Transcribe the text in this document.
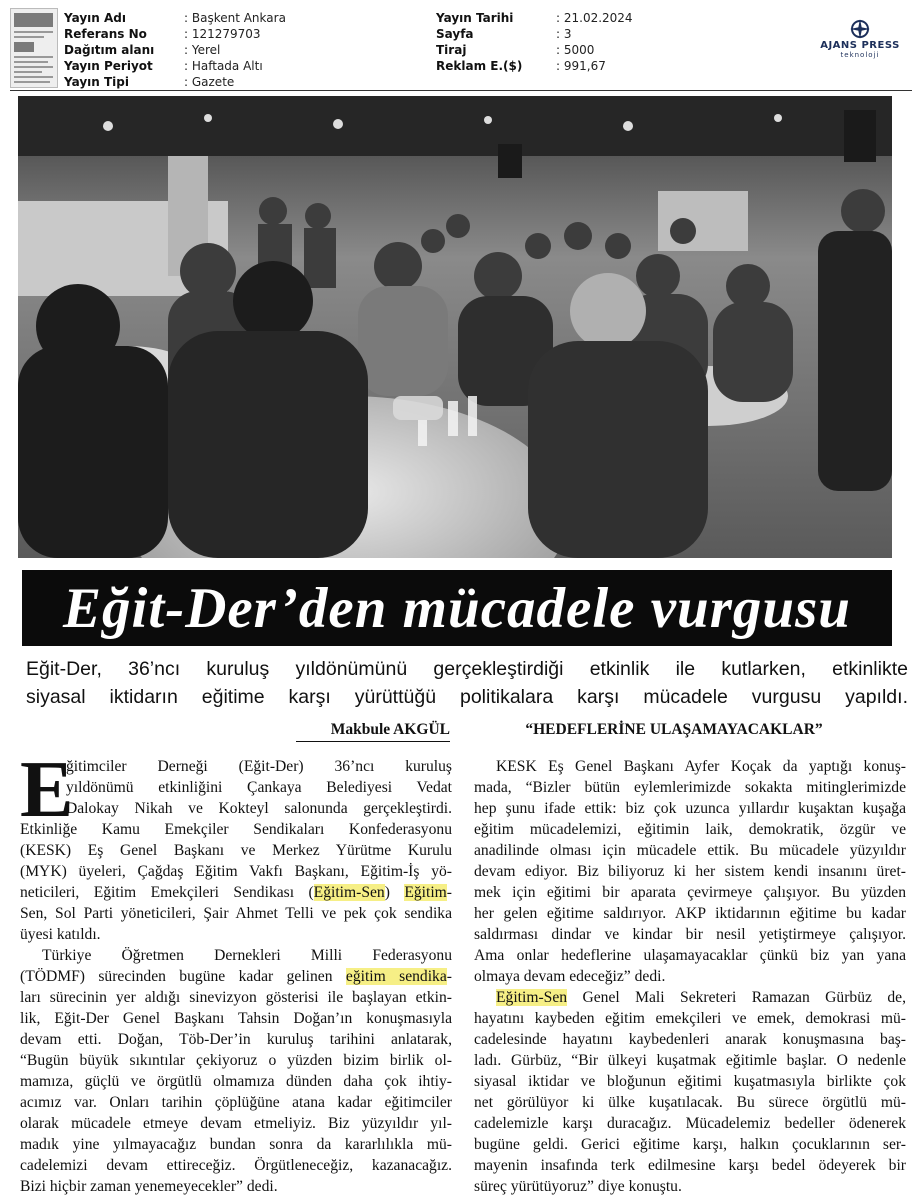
Yayın Adı	: Başkent Ankara
Referans No	: 121279703
Dağıtım alanı	: Yerel
Yayın Periyot	: Haftada Altı
Yayın Tipi	: Gazete
Yayın Tarihi	: 21.02.2024
Sayfa	: 3
Tiraj	: 5000
Reklam E.($)	: 991,67
AJANS PRESS
teknoloji
Eğit-Der’den mücadele vurgusu
Eğit-Der, 36’ncı kuruluş yıldönümünü gerçekleştirdiği etkinlik ile kutlarken, etkinlikte
siyasal iktidarın eğitime karşı yürüttüğü politikalara karşı mücadele vurgusu yapıldı.
Makbule AKGÜL	“HEDEFLERİNE ULAŞAMAYACAKLAR”
E
ğitimciler Derneği (Eğit-Der) 36’ncı kuruluş
yıldönümü etkinliğini Çankaya Belediyesi Vedat
Dalokay Nikah ve Kokteyl salonunda gerçekleştirdi.
Etkinliğe Kamu Emekçiler Sendikaları Konfederasyonu
(KESK) Eş Genel Başkanı ve Merkez Yürütme Kurulu
(MYK) üyeleri, Çağdaş Eğitim Vakfı Başkanı, Eğitim-İş yö-
neticileri, Eğitim Emekçileri Sendikası (Eğitim-Sen) Eğitim-
Sen, Sol Parti yöneticileri, Şair Ahmet Telli ve pek çok sendika
üyesi katıldı.
Türkiye Öğretmen Dernekleri Milli Federasyonu
(TÖDMF) sürecinden bugüne kadar gelinen eğitim sendika-
ları sürecinin yer aldığı sinevizyon gösterisi ile başlayan etkin-
lik, Eğit-Der Genel Başkanı Tahsin Doğan’ın konuşmasıyla
devam etti. Doğan, Töb-Der’in kuruluş tarihini anlatarak,
“Bugün büyük sıkıntılar çekiyoruz o yüzden bizim birlik ol-
mamıza, güçlü ve örgütlü olmamıza dünden daha çok ihtiy-
acımız var. Onları tarihin çöplüğüne atana kadar eğitimciler
olarak mücadele etmeye devam etmeliyiz. Biz yüzyıldır yıl-
madık yine yılmayacağız bundan sonra da kararlılıkla mü-
cadelemizi devam ettireceğiz. Örgütleneceğiz, kazanacağız.
Bizi hiçbir zaman yenemeyecekler” dedi.
KESK Eş Genel Başkanı Ayfer Koçak da yaptığı konuş-
mada, “Bizler bütün eylemlerimizde sokakta mitinglerimizde
hep şunu ifade ettik: biz çok uzunca yıllardır kuşaktan kuşağa
eğitim mücadelemizi, eğitimin laik, demokratik, özgür ve
anadilinde olması için mücadele ettik. Bu mücadele yüzyıldır
devam ediyor. Biz biliyoruz ki her sistem kendi insanını üret-
mek için eğitimi bir aparata çevirmeye çalışıyor. Bu yüzden
her gelen eğitime saldırıyor. AKP iktidarının eğitime bu kadar
saldırması dindar ve kindar bir nesil yetiştirmeye çalışıyor.
Ama onlar hedeflerine ulaşamayacaklar çünkü biz yan yana
olmaya devam edeceğiz” dedi.
Eğitim-Sen Genel Mali Sekreteri Ramazan Gürbüz de,
hayatını kaybeden eğitim emekçileri ve emek, demokrasi mü-
cadelesinde hayatını kaybedenleri anarak konuşmasına baş-
ladı. Gürbüz, “Bir ülkeyi kuşatmak eğitimle başlar. O nedenle
siyasal iktidar ve bloğunun eğitimi kuşatmasıyla birlikte çok
net görülüyor ki ülke kuşatılacak. Bu sürece örgütlü mü-
cadelemizle karşı duracağız. Mücadelemiz bedeller ödenerek
bugüne geldi. Gerici eğitime karşı, halkın çocuklarının ser-
mayenin insafında terk edilmesine karşı bedel ödeyerek bir
süreç yürütüyoruz” diye konuştu.
